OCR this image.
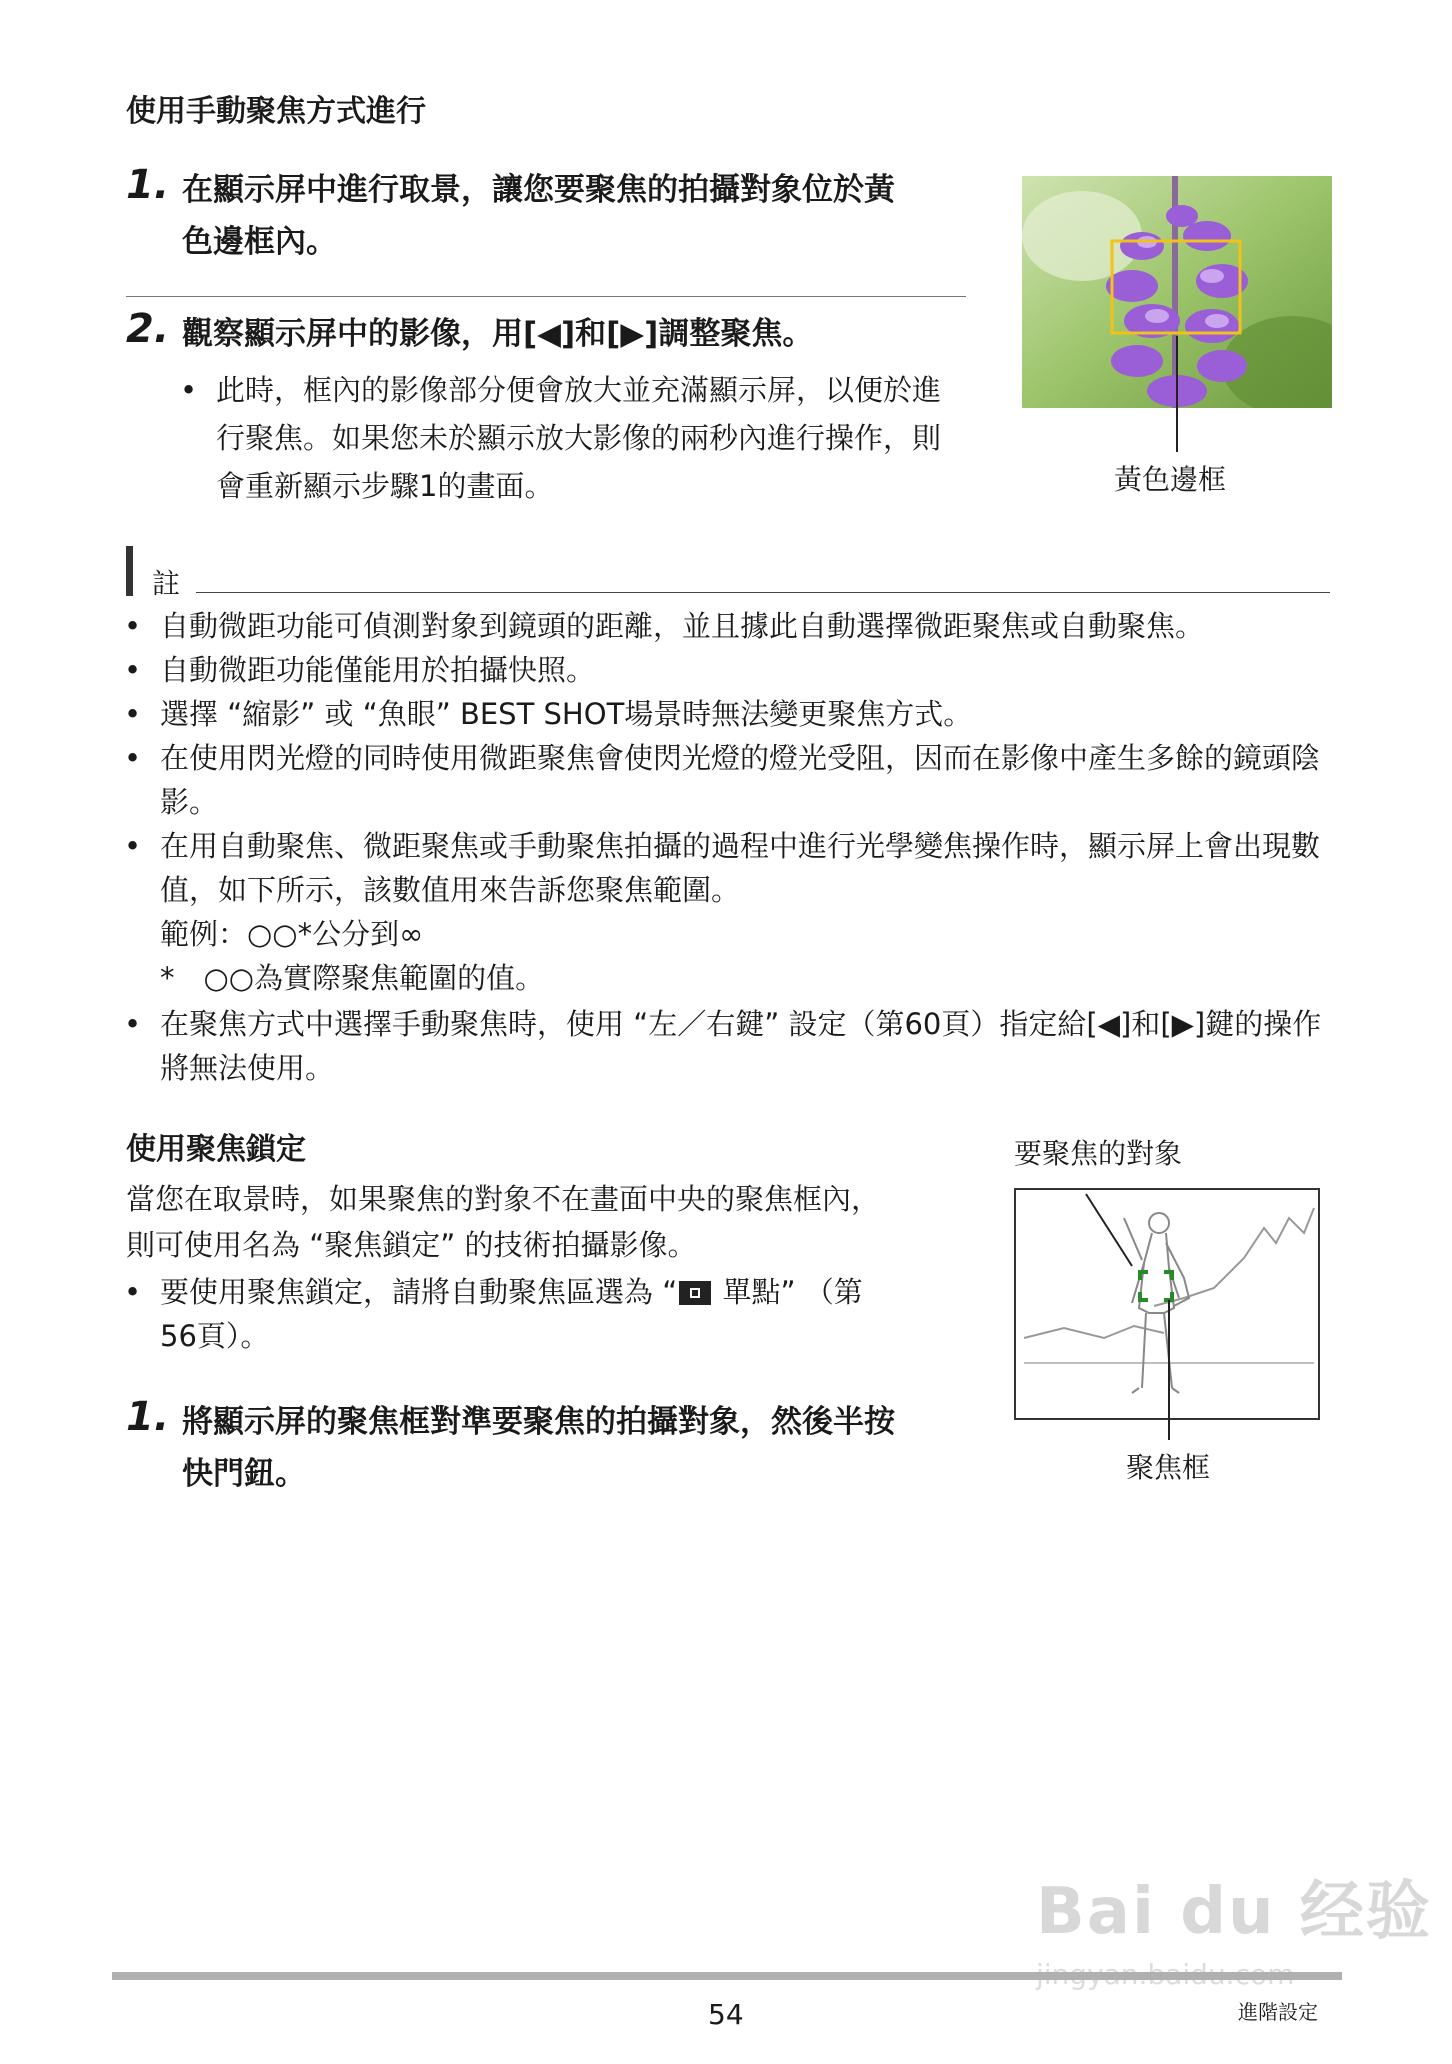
使用手動聚焦方式進行
1. 在顯示屏中進行取景，讓您要聚焦的拍攝對象位於黃色邊框內。
2. 觀察顯示屏中的影像，用[◀]和[▶]調整聚焦。
• 此時，框內的影像部分便會放大並充滿顯示屏，以便於進行聚焦。如果您未於顯示放大影像的兩秒內進行操作，則會重新顯示步驟1的畫面。	黃色邊框
註
• 自動微距功能可偵測對象到鏡頭的距離，並且據此自動選擇微距聚焦或自動聚焦。
• 自動微距功能僅能用於拍攝快照。
• 選擇 “縮影” 或 “魚眼” BEST SHOT場景時無法變更聚焦方式。
• 在使用閃光燈的同時使用微距聚焦會使閃光燈的燈光受阻，因而在影像中產生多餘的鏡頭陰影。
• 在用自動聚焦、微距聚焦或手動聚焦拍攝的過程中進行光學變焦操作時，顯示屏上會出現數值，如下所示，該數值用來告訴您聚焦範圍。
範例：○○*公分到∞
*　○○為實際聚焦範圍的值。
• 在聚焦方式中選擇手動聚焦時，使用 “左／右鍵” 設定（第60頁）指定給[◀]和[▶]鍵的操作將無法使用。
使用聚焦鎖定
當您在取景時，如果聚焦的對象不在畫面中央的聚焦框內，則可使用名為 “聚焦鎖定” 的技術拍攝影像。
• 要使用聚焦鎖定，請將自動聚焦區選為 “
單點” （第56頁）。
1. 將顯示屏的聚焦框對準要聚焦的拍攝對象，然後半按快門鈕。
要聚焦的對象
聚焦框
Bai du 经验
54	進階設定
